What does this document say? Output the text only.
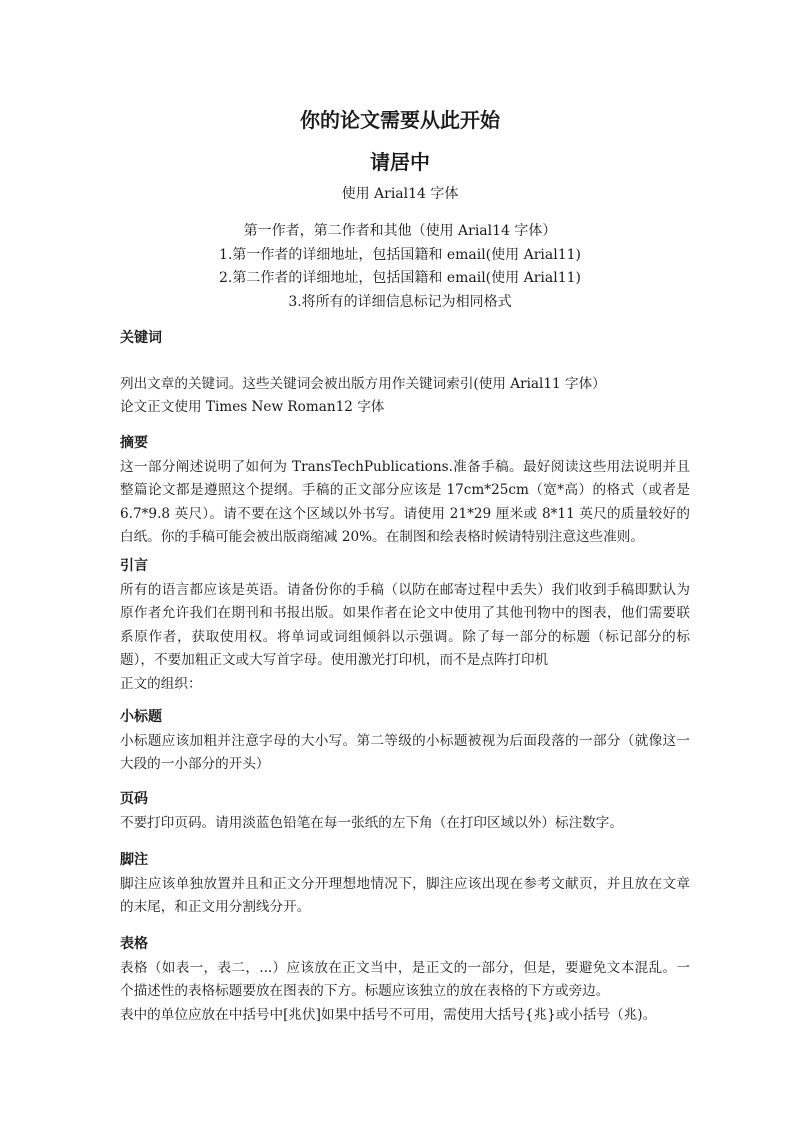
你的论文需要从此开始
请居中
使用 Arial14 字体
第一作者，第二作者和其他（使用 Arial14 字体）
1.第一作者的详细地址，包括国籍和 email(使用 Arial11)
2.第二作者的详细地址，包括国籍和 email(使用 Arial11)
3.将所有的详细信息标记为相同格式
关键词
列出文章的关键词。这些关键词会被出版方用作关键词索引(使用 Arial11 字体）
论文正文使用 Times New Roman12 字体
摘要
这一部分阐述说明了如何为 TransTechPublications.准备手稿。最好阅读这些用法说明并且整篇论文都是遵照这个提纲。手稿的正文部分应该是 17cm*25cm（宽*高）的格式（或者是 6.7*9.8 英尺）。请不要在这个区域以外书写。请使用 21*29 厘米或 8*11 英尺的质量较好的白纸。你的手稿可能会被出版商缩减 20%。在制图和绘表格时候请特别注意这些准则。
引言
所有的语言都应该是英语。请备份你的手稿（以防在邮寄过程中丢失）我们收到手稿即默认为原作者允许我们在期刊和书报出版。如果作者在论文中使用了其他刊物中的图表，他们需要联系原作者，获取使用权。将单词或词组倾斜以示强调。除了每一部分的标题（标记部分的标题），不要加粗正文或大写首字母。使用激光打印机，而不是点阵打印机
正文的组织：
小标题
小标题应该加粗并注意字母的大小写。第二等级的小标题被视为后面段落的一部分（就像这一大段的一小部分的开头）
页码
不要打印页码。请用淡蓝色铅笔在每一张纸的左下角（在打印区域以外）标注数字。
脚注
脚注应该单独放置并且和正文分开理想地情况下，脚注应该出现在参考文献页，并且放在文章的末尾，和正文用分割线分开。
表格
表格（如表一，表二，...）应该放在正文当中，是正文的一部分，但是，要避免文本混乱。一个描述性的表格标题要放在图表的下方。标题应该独立的放在表格的下方或旁边。
表中的单位应放在中括号中[兆伏]如果中括号不可用，需使用大括号{兆}或小括号（兆)。
